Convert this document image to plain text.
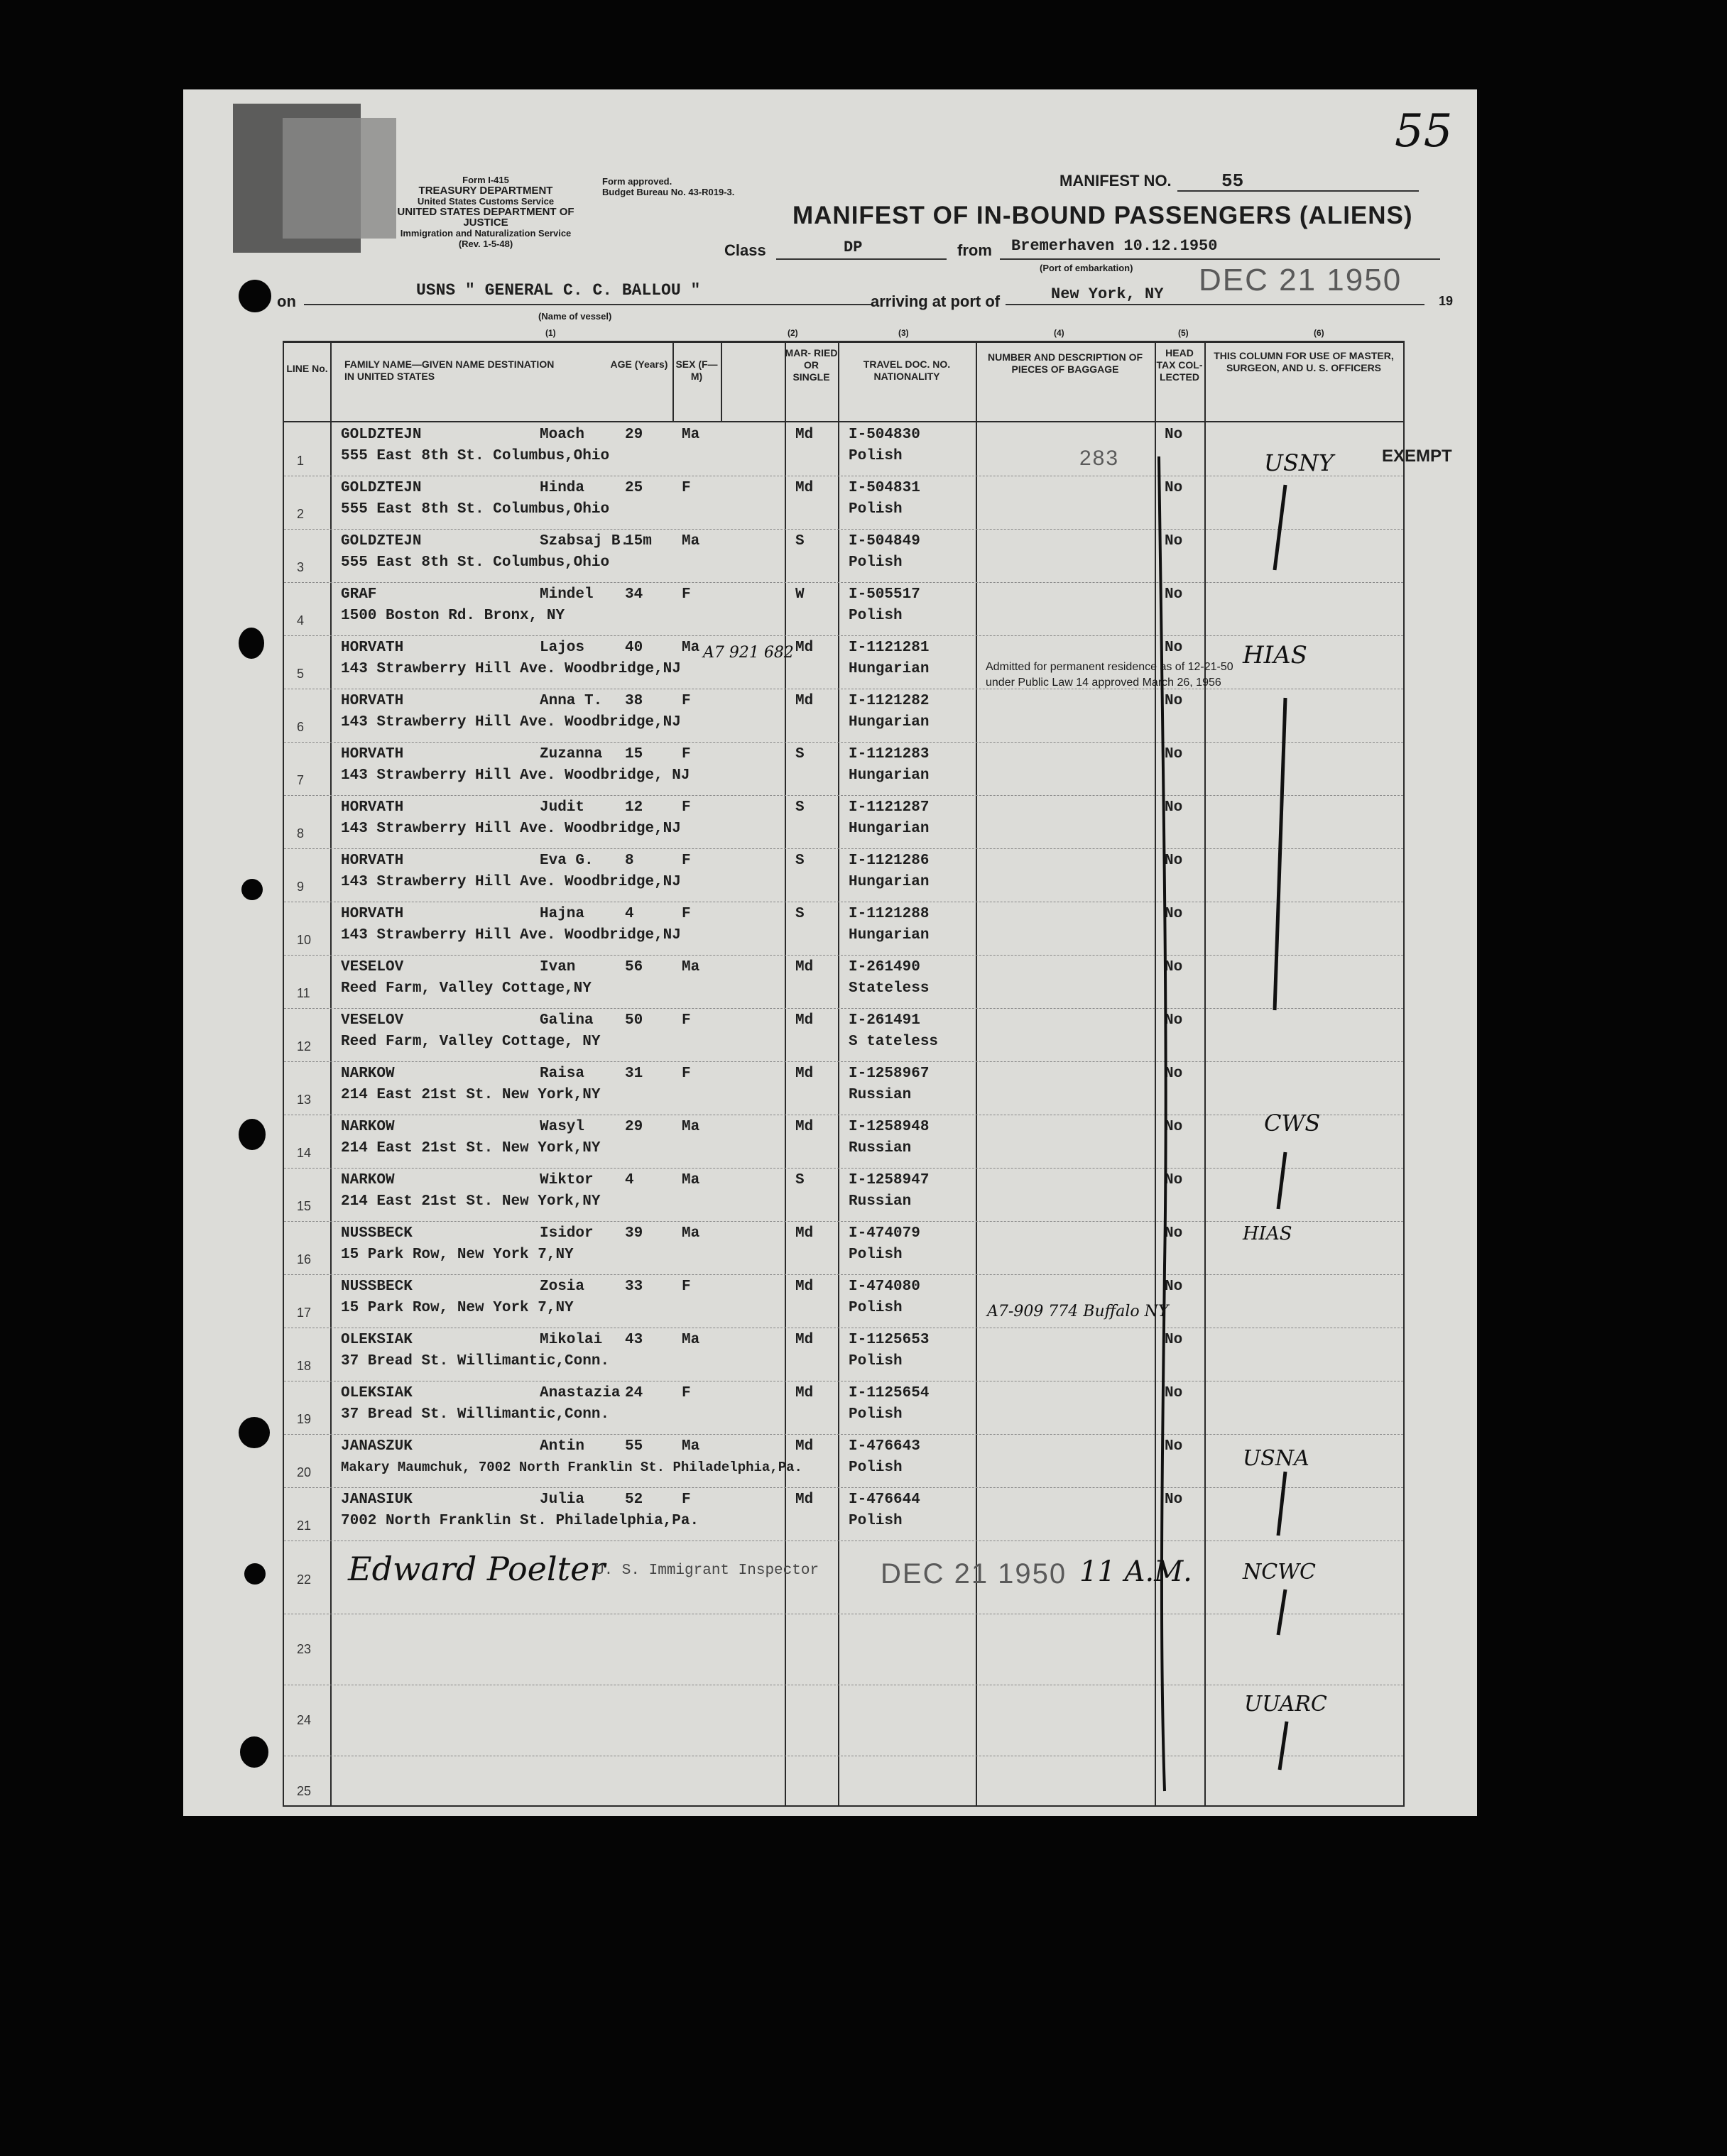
55
Form I-415
TREASURY DEPARTMENT
United States Customs Service
UNITED STATES DEPARTMENT OF JUSTICE
Immigration and Naturalization Service
(Rev. 1-5-48)
Form approved.
Budget Bureau No. 43-R019-3.
MANIFEST NO.	55
MANIFEST OF IN-BOUND PASSENGERS (ALIENS)
Class	DP	from Bremerhaven 10.12.1950
(Port of embarkation)
on
USNS " GENERAL C. C. BALLOU "
(Name of vessel)
arriving at port of	New York, NY DEC 21 1950
19
(1)	(2)	(3)	(4)	(5)	(6)
LINE No. FAMILY NAME—GIVEN NAME DESTINATION IN UNITED STATES
AGE (Years) SEX (F—M)
MAR- RIED OR SINGLE
TRAVEL DOC. NO. NATIONALITY
NUMBER AND DESCRIPTION OF PIECES OF BAGGAGE
HEAD TAX COL- LECTED
THIS COLUMN FOR USE OF MASTER, SURGEON, AND U. S. OFFICERS
1
GOLDZTEJN	Moach
555 East 8th St. Columbus,Ohio
29	Ma	Md I-504830
Polish
No
2
GOLDZTEJN	Hinda
555 East 8th St. Columbus,Ohio
25	F	Md I-504831
Polish
No
3
GOLDZTEJN	Szabsaj B.
555 East 8th St. Columbus,Ohio
15m Ma	S	I-504849
Polish
No
4
GRAF	Mindel
1500 Boston Rd. Bronx, NY
34	F	W	I-505517
Polish
No
5
HORVATH	Lajos
143 Strawberry Hill Ave. Woodbridge,NJ
40	Ma	Md I-1121281
Hungarian
No
6
HORVATH	Anna T.
143 Strawberry Hill Ave. Woodbridge,NJ
38	F	Md I-1121282
Hungarian
No
7
HORVATH	Zuzanna
143 Strawberry Hill Ave. Woodbridge, NJ
15	F	S	I-1121283
Hungarian
No
8
HORVATH	Judit
143 Strawberry Hill Ave. Woodbridge,NJ
12	F	S	I-1121287
Hungarian
No
9
HORVATH	Eva G.
143 Strawberry Hill Ave. Woodbridge,NJ
8	F	S	I-1121286
Hungarian
No
10
HORVATH	Hajna
143 Strawberry Hill Ave. Woodbridge,NJ
4	F	S	I-1121288
Hungarian
No
11
VESELOV	Ivan
Reed Farm, Valley Cottage,NY
56	Ma	Md I-261490
Stateless
No
12
VESELOV	Galina
Reed Farm, Valley Cottage, NY
50	F	Md I-261491
S tateless
No
13
NARKOW	Raisa
214 East 21st St. New York,NY
31	F	Md I-1258967
Russian
No
14
NARKOW	Wasyl
214 East 21st St. New York,NY
29	Ma	Md I-1258948
Russian
No
15
NARKOW	Wiktor
214 East 21st St. New York,NY
4	Ma	S	I-1258947
Russian
No
16
NUSSBECK	Isidor
15 Park Row, New York 7,NY
39	Ma	Md I-474079
Polish
No
17
NUSSBECK	Zosia
15 Park Row, New York 7,NY
33	F	Md I-474080
Polish
No
18
OLEKSIAK	Mikolai
37 Bread St. Willimantic,Conn.
43	Ma	Md I-1125653
Polish
No
19
OLEKSIAK	Anastazia
37 Bread St. Willimantic,Conn.
24	F	Md I-1125654
Polish
No
20
JANASZUK	Antin
Makary Maumchuk, 7002 North Franklin St. Philadelphia,Pa.
55	Ma	Md I-476643
Polish
No
21
JANASIUK	Julia
7002 North Franklin St. Philadelphia,Pa.
52	F	Md I-476644
Polish
No
22
23
24
25
Edward Poelter
U. S. Immigrant Inspector DEC 21 1950 11 A.M.
283	EXEMPT
Admitted for permanent residence as of 12-21-50
under Public Law 14 approved March 26, 1956
A7 921 682
A7-909 774 Buffalo NY
USNY
HIAS
CWS
HIAS
USNA
NCWC
UUARC
